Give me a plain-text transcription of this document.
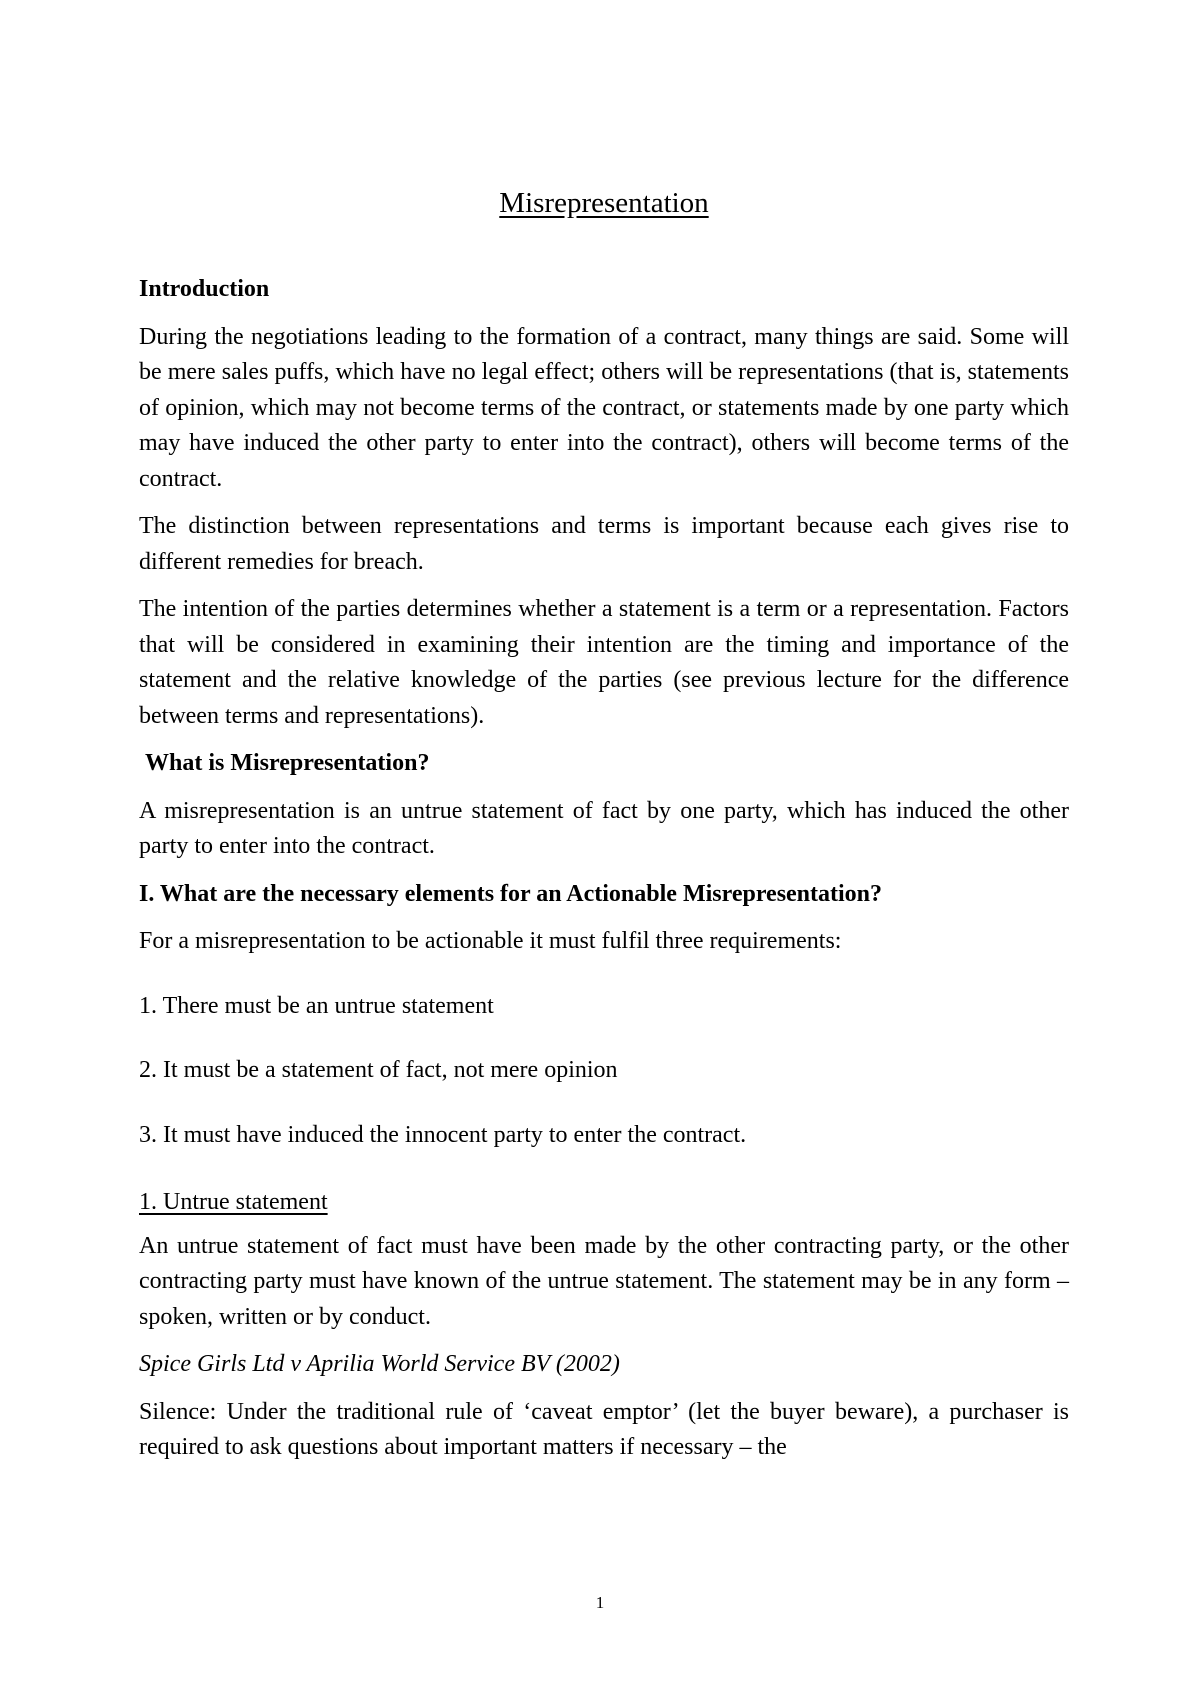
Misrepresentation
Introduction

During the negotiations leading to the formation of a contract, many things are said. Some will be mere sales puffs, which have no legal effect; others will be representations (that is, statements of opinion, which may not become terms of the contract, or statements made by one party which may have induced the other party to enter into the contract), others will become terms of the contract.

The distinction between representations and terms is important because each gives rise to different remedies for breach.

The intention of the parties determines whether a statement is a term or a representation. Factors that will be considered in examining their intention are the timing and importance of the statement and the relative knowledge of the parties (see previous lecture for the difference between terms and representations).

What is Misrepresentation?

A misrepresentation is an untrue statement of fact by one party, which has induced the other party to enter into the contract.

I. What are the necessary elements for an Actionable Misrepresentation?
For a misrepresentation to be actionable it must fulfil three requirements:
1. There must be an untrue statement
2. It must be a statement of fact, not mere opinion
3. It must have induced the innocent party to enter the contract.
1. Untrue statement

An untrue statement of fact must have been made by the other contracting party, or the other contracting party must have known of the untrue statement. The statement may be in any form – spoken, written or by conduct.

Spice Girls Ltd v Aprilia World Service BV (2002)

Silence: Under the traditional rule of ‘caveat emptor’ (let the buyer beware), a purchaser is required to ask questions about important matters if necessary – the

1
